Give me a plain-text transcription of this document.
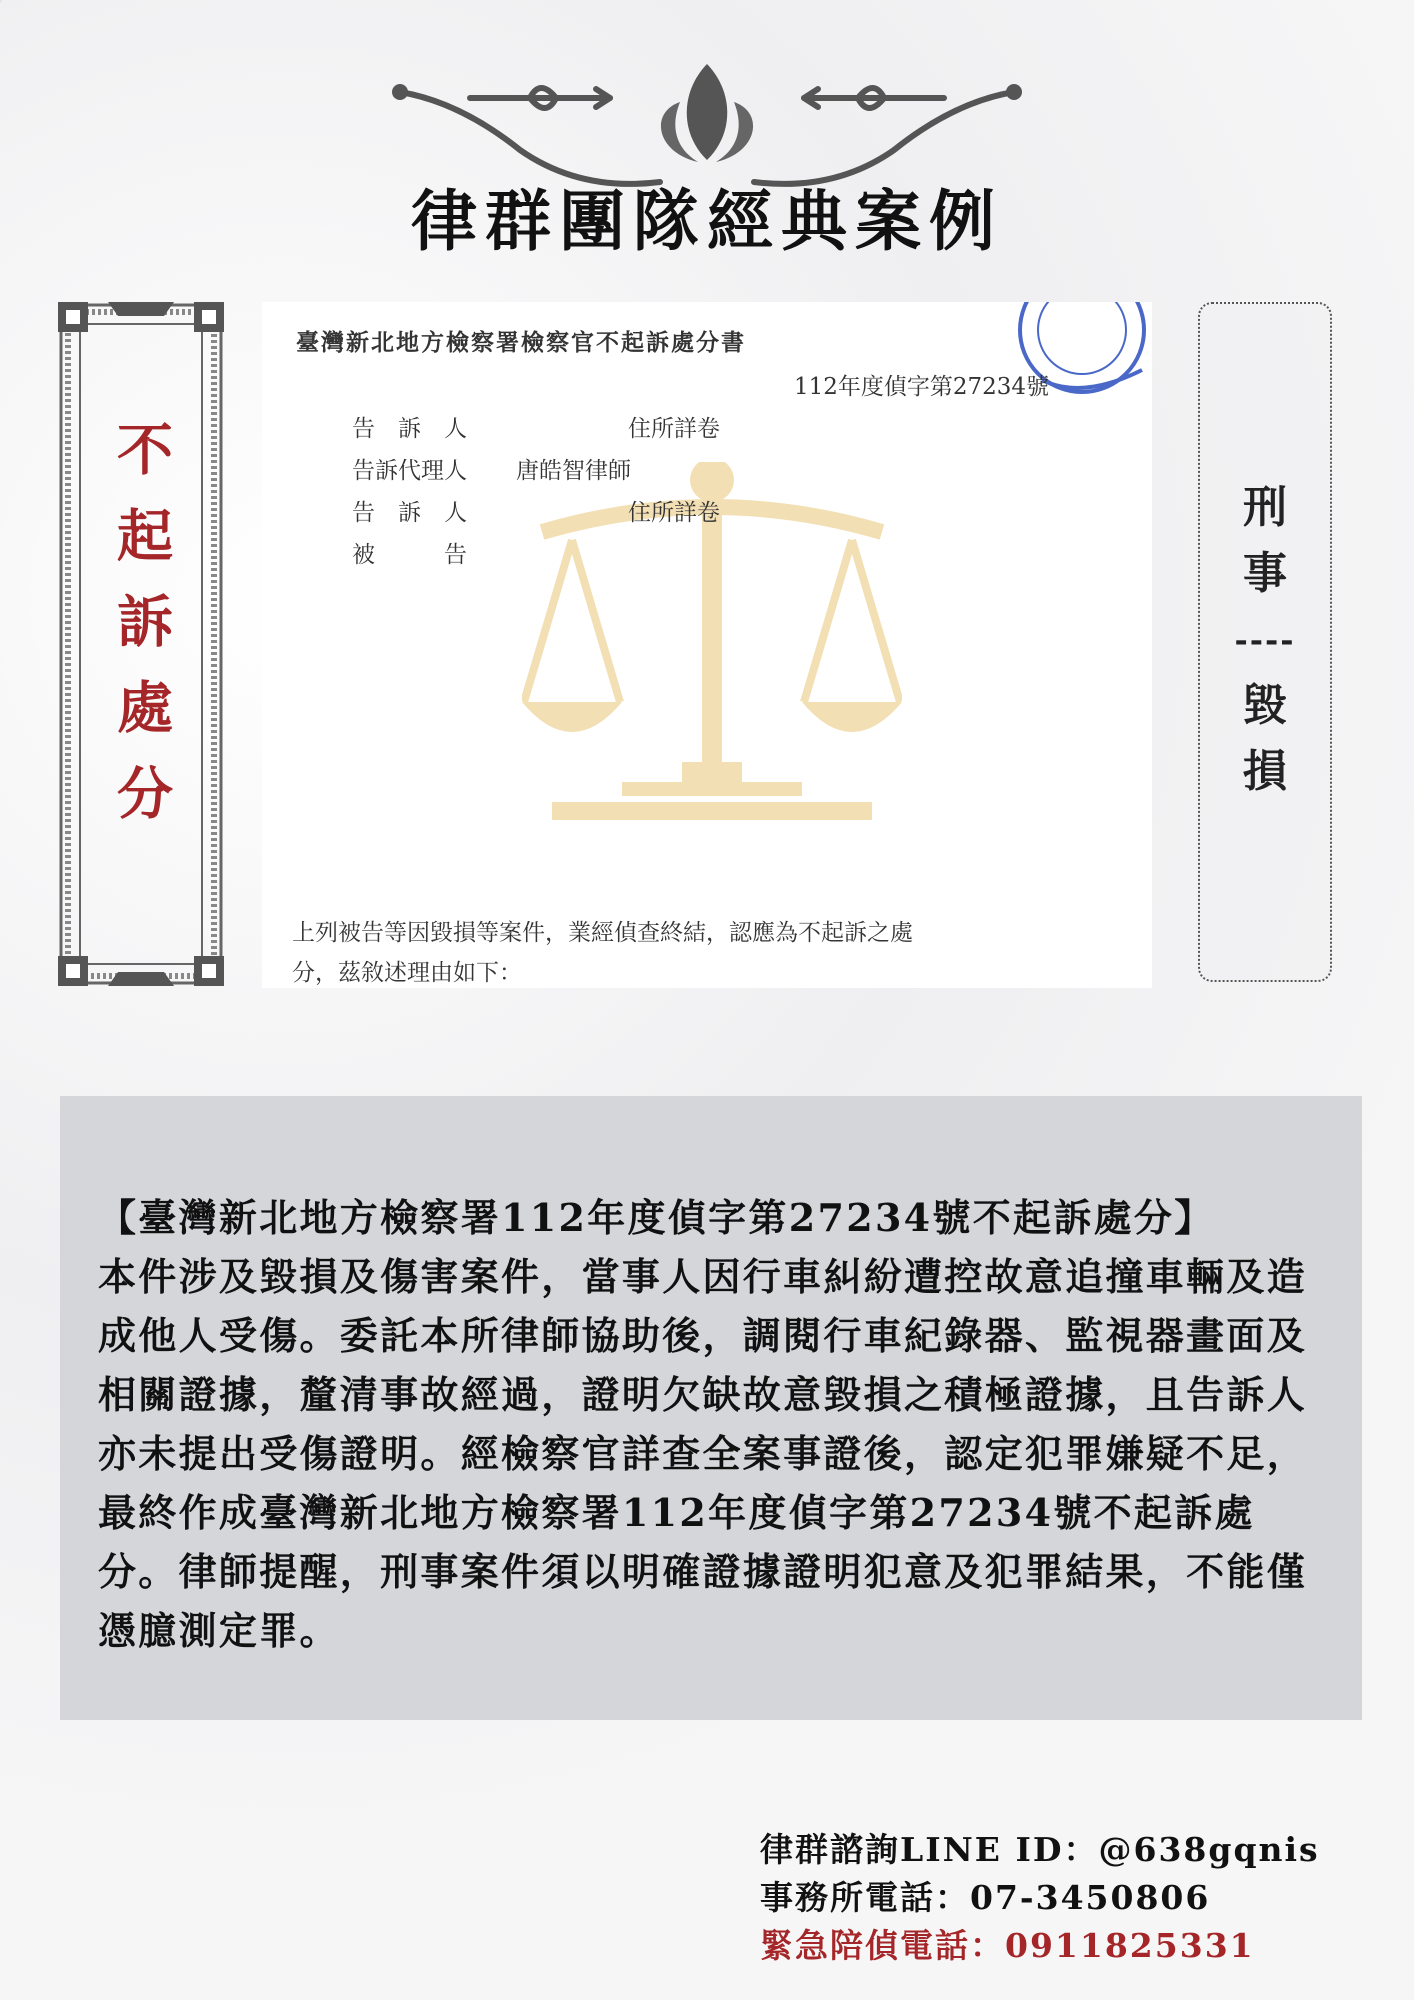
律群團隊經典案例
不起訴處分
臺灣新北地方檢察署檢察官不起訴處分書
112年度偵字第27234號
告　訴　人	住所詳卷
告訴代理人	唐皓智律師
告　訴　人	住所詳卷
被　　　告
上列被告等因毀損等案件，業經偵查終結，認應為不起訴之處
分，茲敘述理由如下：
刑
事
----
毀
損

【臺灣新北地方檢察署112年度偵字第27234號不起訴處分】

本件涉及毀損及傷害案件，當事人因行車糾紛遭控故意追撞車輛及造成他人受傷。委託本所律師協助後，調閱行車紀錄器、監視器畫面及相關證據，釐清事故經過，證明欠缺故意毀損之積極證據，且告訴人亦未提出受傷證明。經檢察官詳查全案事證後，認定犯罪嫌疑不足，最終作成臺灣新北地方檢察署112年度偵字第27234號不起訴處分。律師提醒，刑事案件須以明確證據證明犯意及犯罪結果，不能僅憑臆測定罪。

律群諮詢LINE ID：@638gqnis
事務所電話：07-3450806
緊急陪偵電話：0911825331
